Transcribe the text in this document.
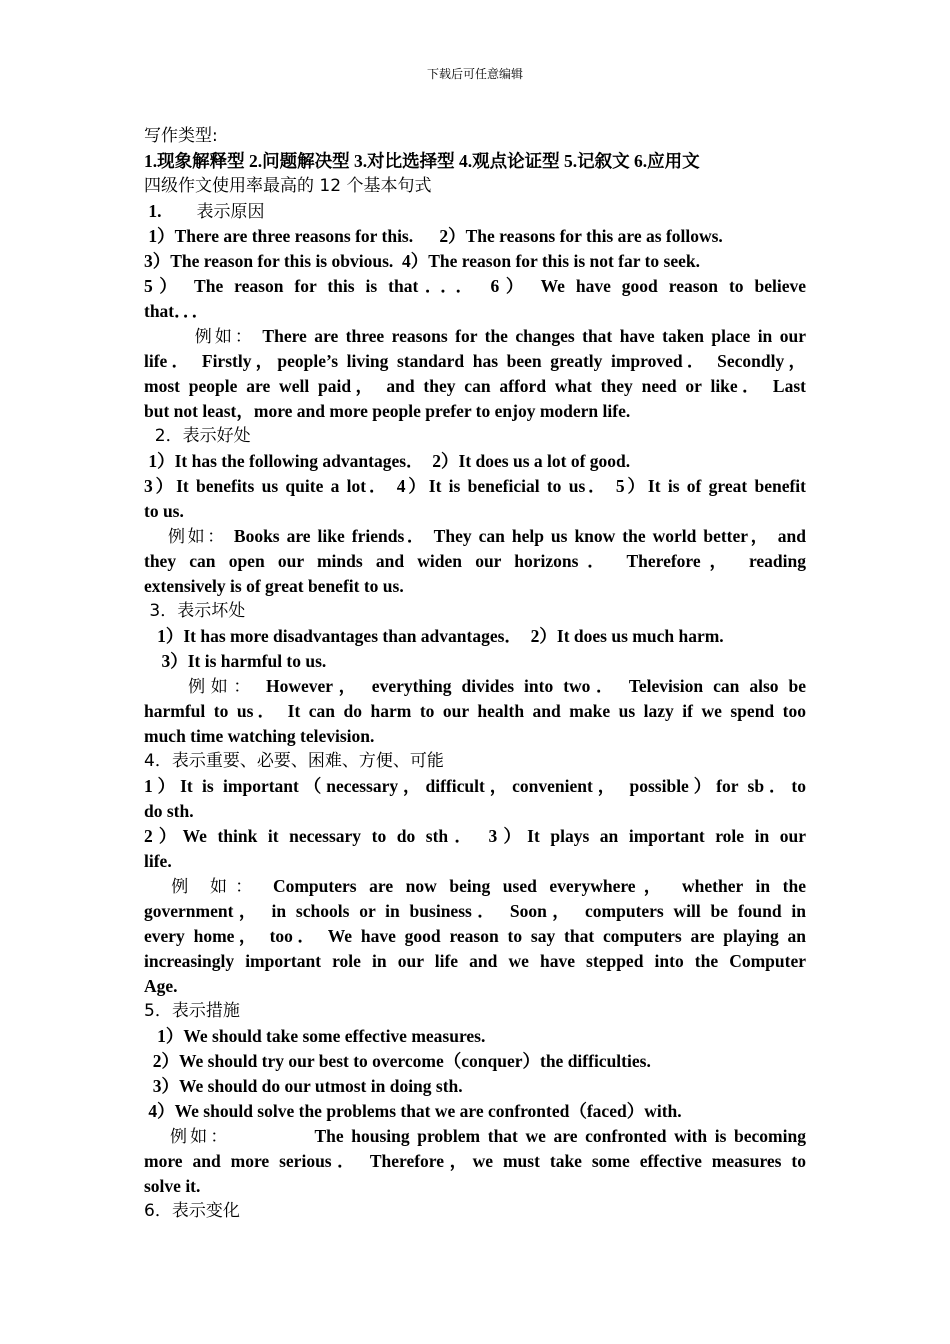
下载后可任意编辑
写作类型:
1.现象解释型 2.问题解决型 3.对比选择型 4.观点论证型 5.记叙文 6.应用文
四级作文使用率最高的 12 个基本句式
1. 表示原因
1）There are three reasons for this.      2）The reasons for this are as follows.
3）The reason for this is obvious.  4）The reason for this is not far to seek.
5） The reason for this is that．．． 6） We have good reason to believe
that．．．
例如： There are three reasons for the changes that have taken place in our
life． Firstly，people’s living standard has been greatly improved． Secondly，
most people are well paid， and they can afford what they need or like． Last
but not least，more and more people prefer to enjoy modern life.
2．表示好处
1）It has the following advantages．  2）It does us a lot of good.
3）It benefits us quite a lot． 4）It is beneficial to us． 5）It is of great benefit
to us.
例如： Books are like friends． They can help us know the world better， and
they can open our minds and widen our horizons． Therefore， reading
extensively is of great benefit to us.
3．表示坏处
1）It has more disadvantages than advantages．  2）It does us much harm.
3）It is harmful to us.
例如： However， everything divides into two． Television can also be
harmful to us． It can do harm to our health and make us lazy if we spend too
much time watching television.
4．表示重要、必要、困难、方便、可能
1）It is important（necessary，difficult，convenient， possible）for sb．to
do sth.
2）We think it necessary to do sth． 3）It plays an important role in our
life.
例 如： Computers are now being used everywhere， whether in the
government， in schools or in business． Soon， computers will be found in
every home， too． We have good reason to say that computers are playing an
increasingly important role in our life and we have stepped into the Computer
Age.
5．表示措施
1）We should take some effective measures.
2）We should try our best to overcome（conquer）the difficulties.
3）We should do our utmost in doing sth.
4）We should solve the problems that we are confronted（faced）with.
例如：           The housing problem that we are confronted with is becoming
more and more serious． Therefore，we must take some effective measures to
solve it.
6．表示变化
